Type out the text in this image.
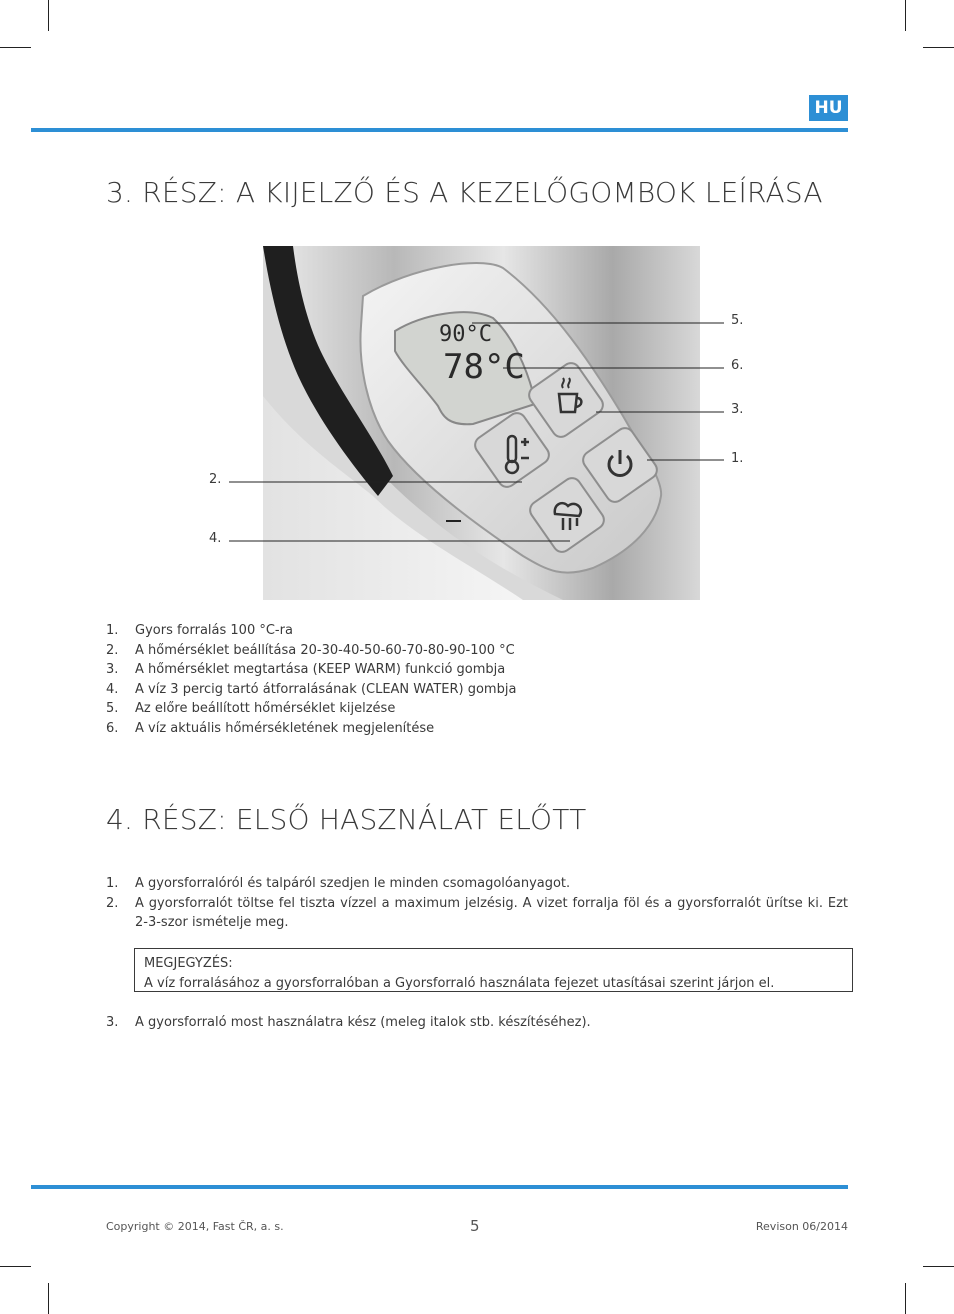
HU
3. RÉSZ: A KIJELZŐ ÉS A KEZELŐGOMBOK LEÍRÁSA
90°C
78°C
5.
6.
3.
1.
2.
4.
1. Gyors forralás 100 °C-ra
2. A hőmérséklet beállítása 20-30-40-50-60-70-80-90-100 °C
3. A hőmérséklet megtartása (KEEP WARM) funkció gombja
4. A víz 3 percig tartó átforralásának (CLEAN WATER) gombja
5. Az előre beállított hőmérséklet kijelzése
6. A víz aktuális hőmérsékletének megjelenítése
4. RÉSZ: ELSŐ HASZNÁLAT ELŐTT
1. A gyorsforralóról és talpáról szedjen le minden csomagolóanyagot.
2. A gyorsforralót töltse fel tiszta vízzel a maximum jelzésig. A vizet forralja föl és a gyorsforralót ürítse ki. Ezt 2-3-szor ismételje meg.
MEGJEGYZÉS:
A víz forralásához a gyorsforralóban a Gyorsforraló használata fejezet utasításai szerint járjon el.
3. A gyorsforraló most használatra kész (meleg italok stb. készítéséhez).
Copyright © 2014, Fast ČR, a. s.	5	Revison 06/2014
